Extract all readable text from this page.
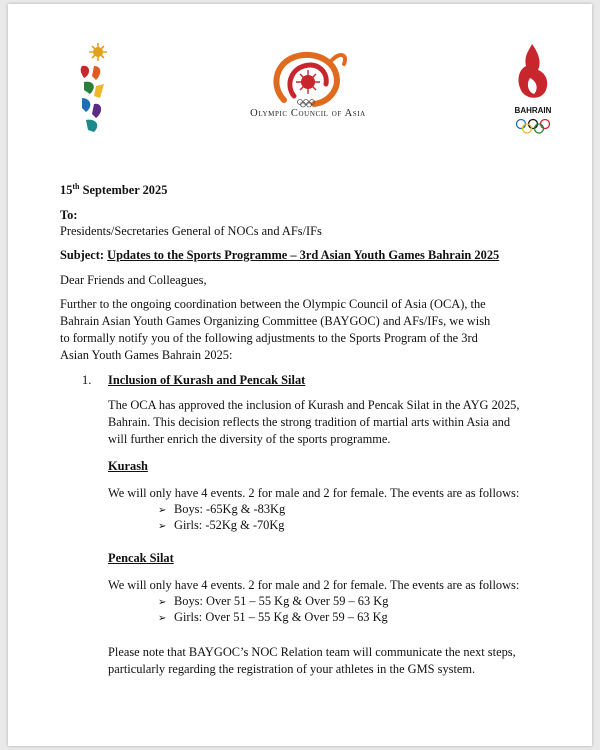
Olympic Council of Asia	BAHRAIN
15th September 2025
To:
Presidents/Secretaries General of NOCs and AFs/IFs
Subject: Updates to the Sports Programme – 3rd Asian Youth Games Bahrain 2025
Dear Friends and Colleagues,
Further to the ongoing coordination between the Olympic Council of Asia (OCA), the
Bahrain Asian Youth Games Organizing Committee (BAYGOC) and AFs/IFs, we wish
to formally notify you of the following adjustments to the Sports Program of the 3rd
Asian Youth Games Bahrain 2025:
1. Inclusion of Kurash and Pencak Silat
The OCA has approved the inclusion of Kurash and Pencak Silat in the AYG 2025,
Bahrain. This decision reflects the strong tradition of martial arts within Asia and
will further enrich the diversity of the sports programme.
Kurash
We will only have 4 events. 2 for male and 2 for female. The events are as follows:
➢ Boys: -65Kg & -83Kg
➢ Girls: -52Kg & -70Kg
Pencak Silat
We will only have 4 events. 2 for male and 2 for female. The events are as follows:
➢ Boys: Over 51 – 55 Kg & Over 59 – 63 Kg
➢ Girls: Over 51 – 55 Kg & Over 59 – 63 Kg
Please note that BAYGOC’s NOC Relation team will communicate the next steps,
particularly regarding the registration of your athletes in the GMS system.
